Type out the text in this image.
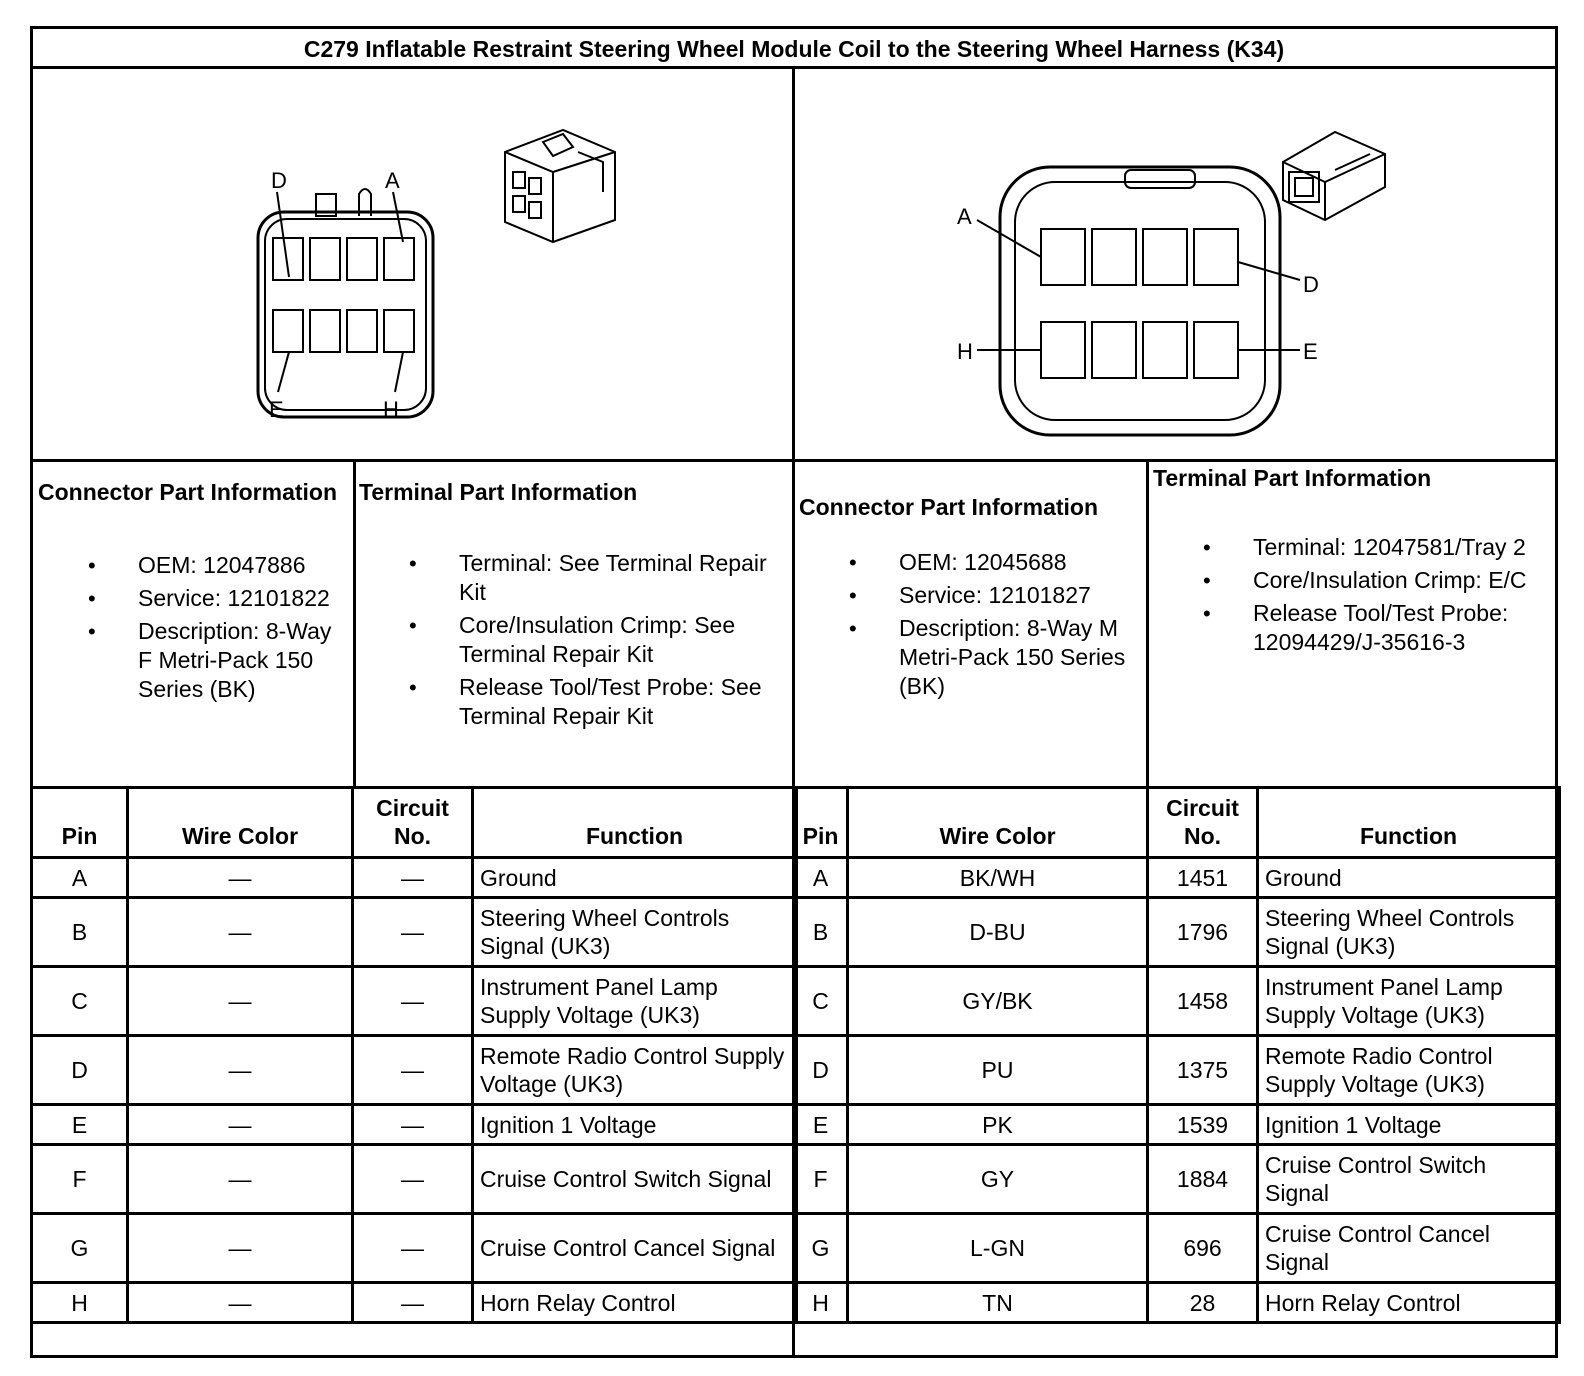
C279 Inflatable Restraint Steering Wheel Module Coil to the Steering Wheel Harness (K34)
D	A
E	H
A
D
H	E
Connector Part Information
• OEM: 12047886
• Service: 12101822
• Description: 8-Way F Metri-Pack 150 Series (BK)
Terminal Part Information
• Terminal: See Terminal Repair Kit
• Core/Insulation Crimp: See Terminal Repair Kit
• Release Tool/Test Probe: See Terminal Repair Kit
Connector Part Information
• OEM: 12045688
• Service: 12101827
• Description: 8-Way M Metri-Pack 150 Series (BK)
Terminal Part Information
• Terminal: 12047581/Tray 2
• Core/Insulation Crimp: E/C
• Release Tool/Test Probe: 12094429/J-35616-3
Pin	Wire Color	Circuit No.	Function
A	—	—	Ground
B	—	—	Steering Wheel Controls Signal (UK3)
C	—	—	Instrument Panel Lamp Supply Voltage (UK3)
D	—	—	Remote Radio Control Supply Voltage (UK3)
E	—	—	Ignition 1 Voltage
F	—	—	Cruise Control Switch Signal
G	—	—	Cruise Control Cancel Signal
H	—	—	Horn Relay Control
Pin	Wire Color	Circuit No.	Function
A	BK/WH	1451	Ground
B	D-BU	1796	Steering Wheel Controls Signal (UK3)
C	GY/BK	1458	Instrument Panel Lamp Supply Voltage (UK3)
D	PU	1375	Remote Radio Control Supply Voltage (UK3)
E	PK	1539	Ignition 1 Voltage
F	GY	1884	Cruise Control Switch Signal
G	L-GN	696	Cruise Control Cancel Signal
H	TN	28	Horn Relay Control
